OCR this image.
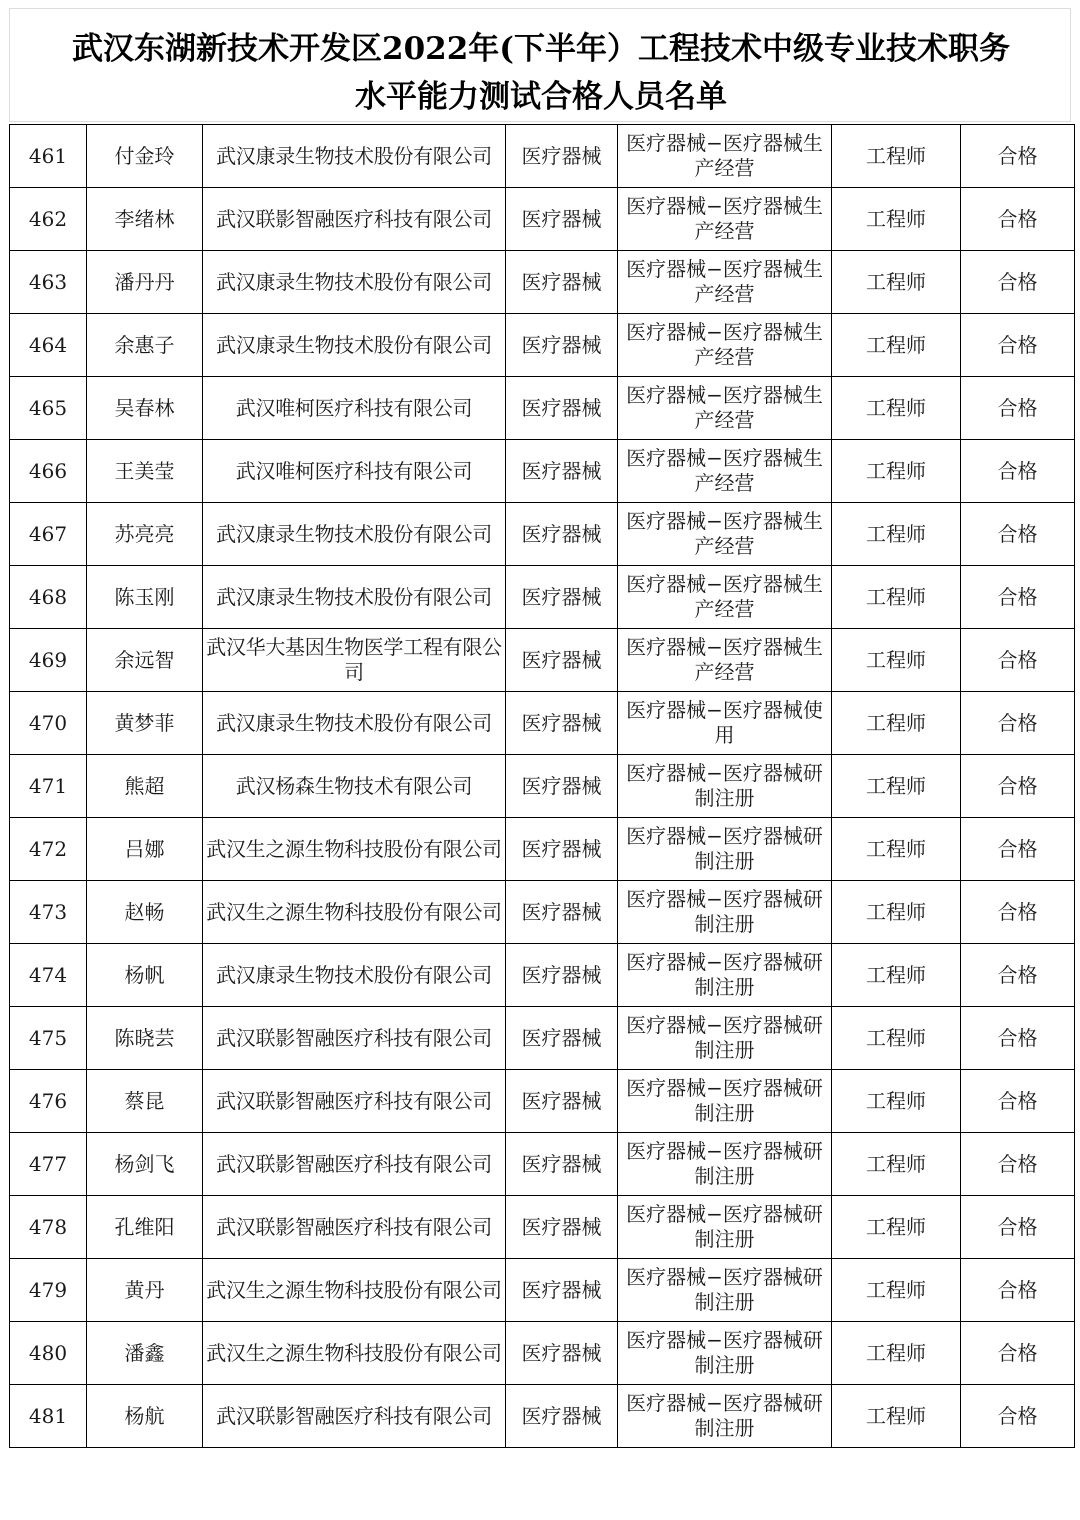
武汉东湖新技术开发区2022年(下半年）工程技术中级专业技术职务
水平能力测试合格人员名单
461	付金玲	武汉康录生物技术股份有限公司	医疗器械	医疗器械−医疗器械生产经营	工程师	合格

462	李绪林	武汉联影智融医疗科技有限公司	医疗器械	医疗器械−医疗器械生产经营	工程师	合格

463	潘丹丹	武汉康录生物技术股份有限公司	医疗器械	医疗器械−医疗器械生产经营	工程师	合格

464	余惠子	武汉康录生物技术股份有限公司	医疗器械	医疗器械−医疗器械生产经营	工程师	合格

465	吴春林	武汉唯柯医疗科技有限公司	医疗器械	医疗器械−医疗器械生产经营	工程师	合格

466	王美莹	武汉唯柯医疗科技有限公司	医疗器械	医疗器械−医疗器械生产经营	工程师	合格

467	苏亮亮	武汉康录生物技术股份有限公司	医疗器械	医疗器械−医疗器械生产经营	工程师	合格

468	陈玉刚	武汉康录生物技术股份有限公司	医疗器械	医疗器械−医疗器械生产经营	工程师	合格

469	余远智	武汉华大基因生物医学工程有限公司	医疗器械	医疗器械−医疗器械生产经营	工程师	合格

470	黄梦菲	武汉康录生物技术股份有限公司	医疗器械	医疗器械−医疗器械使用	工程师	合格

471	熊超	武汉杨森生物技术有限公司	医疗器械	医疗器械−医疗器械研制注册	工程师	合格

472	吕娜	武汉生之源生物科技股份有限公司	医疗器械	医疗器械−医疗器械研制注册	工程师	合格

473	赵畅	武汉生之源生物科技股份有限公司	医疗器械	医疗器械−医疗器械研制注册	工程师	合格

474	杨帆	武汉康录生物技术股份有限公司	医疗器械	医疗器械−医疗器械研制注册	工程师	合格

475	陈晓芸	武汉联影智融医疗科技有限公司	医疗器械	医疗器械−医疗器械研制注册	工程师	合格

476	蔡昆	武汉联影智融医疗科技有限公司	医疗器械	医疗器械−医疗器械研制注册	工程师	合格

477	杨剑飞	武汉联影智融医疗科技有限公司	医疗器械	医疗器械−医疗器械研制注册	工程师	合格

478	孔维阳	武汉联影智融医疗科技有限公司	医疗器械	医疗器械−医疗器械研制注册	工程师	合格

479	黄丹	武汉生之源生物科技股份有限公司	医疗器械	医疗器械−医疗器械研制注册	工程师	合格

480	潘鑫	武汉生之源生物科技股份有限公司	医疗器械	医疗器械−医疗器械研制注册	工程师	合格

481	杨航	武汉联影智融医疗科技有限公司	医疗器械	医疗器械−医疗器械研制注册	工程师	合格
